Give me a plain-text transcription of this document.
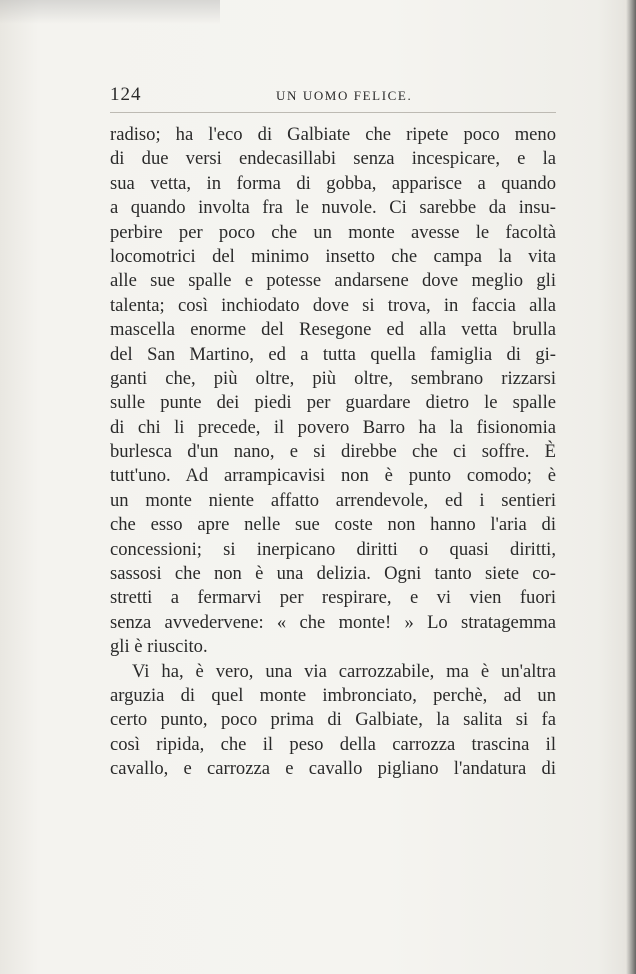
124	UN UOMO FELICE.
radiso; ha l'eco di Galbiate che ripete poco meno
di due versi endecasillabi senza incespicare, e la
sua vetta, in forma di gobba, apparisce a quando
a quando involta fra le nuvole. Ci sarebbe da insu-
perbire per poco che un monte avesse le facoltà
locomotrici del minimo insetto che campa la vita
alle sue spalle e potesse andarsene dove meglio gli
talenta; così inchiodato dove si trova, in faccia alla
mascella enorme del Resegone ed alla vetta brulla
del San Martino, ed a tutta quella famiglia di gi-
ganti che, più oltre, più oltre, sembrano rizzarsi
sulle punte dei piedi per guardare dietro le spalle
di chi li precede, il povero Barro ha la fisionomia
burlesca d'un nano, e si direbbe che ci soffre. È
tutt'uno. Ad arrampicavisi non è punto comodo; è
un monte niente affatto arrendevole, ed i sentieri
che esso apre nelle sue coste non hanno l'aria di
concessioni; si inerpicano diritti o quasi diritti,
sassosi che non è una delizia. Ogni tanto siete co-
stretti a fermarvi per respirare, e vi vien fuori
senza avvedervene: « che monte! » Lo stratagemma
gli è riuscito.
Vi ha, è vero, una via carrozzabile, ma è un'altra
arguzia di quel monte imbronciato, perchè, ad un
certo punto, poco prima di Galbiate, la salita si fa
così ripida, che il peso della carrozza trascina il
cavallo, e carrozza e cavallo pigliano l'andatura di
